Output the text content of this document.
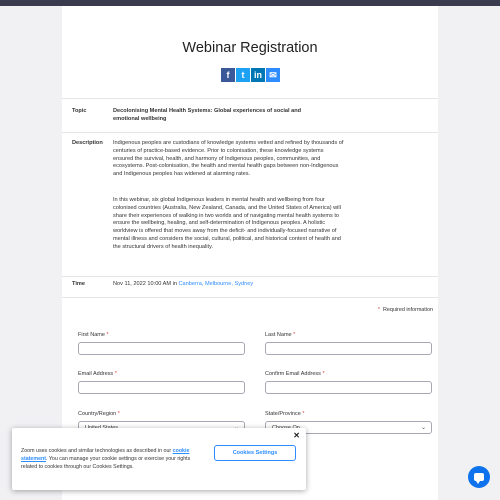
Webinar Registration
f	t	in ✉
Topic	Decolonising Mental Health Systems: Global experiences of social and emotional wellbeing
Description Indigenous peoples are custodians of knowledge systems vetted and refined by thousands of centuries of practice-based evidence. Prior to colonisation, these knowledge systems ensured the survival, health, and harmony of Indigenous peoples, communities, and ecosystems. Post-colonisation, the health and mental health gaps between non-Indigenous and Indigenous peoples has widened at alarming rates.
In this webinar, six global Indigenous leaders in mental health and wellbeing from four colonised countries (Australia, New Zealand, Canada, and the United States of America) will share their experiences of walking in two worlds and of navigating mental health systems to ensure the wellbeing, healing, and self-determination of Indigenous peoples. A holistic worldview is offered that moves away from the deficit- and individually-focused narrative of mental illness and considers the social, cultural, political, and historical context of health and the structural drivers of health inequality.
Time	Nov 11, 2022 10:00 AM in Canberra, Melbourne, Sydney
* Required information
First Name *	Last Name *
Email Address *	Confirm Email Address *
Country/Region *	State/Province *
⌄
✕
Zoom uses cookies and similar technologies as described in our cookie statement. You can manage your cookie settings or exercise your rights related to cookies through our Cookies Settings.
Cookies Settings
